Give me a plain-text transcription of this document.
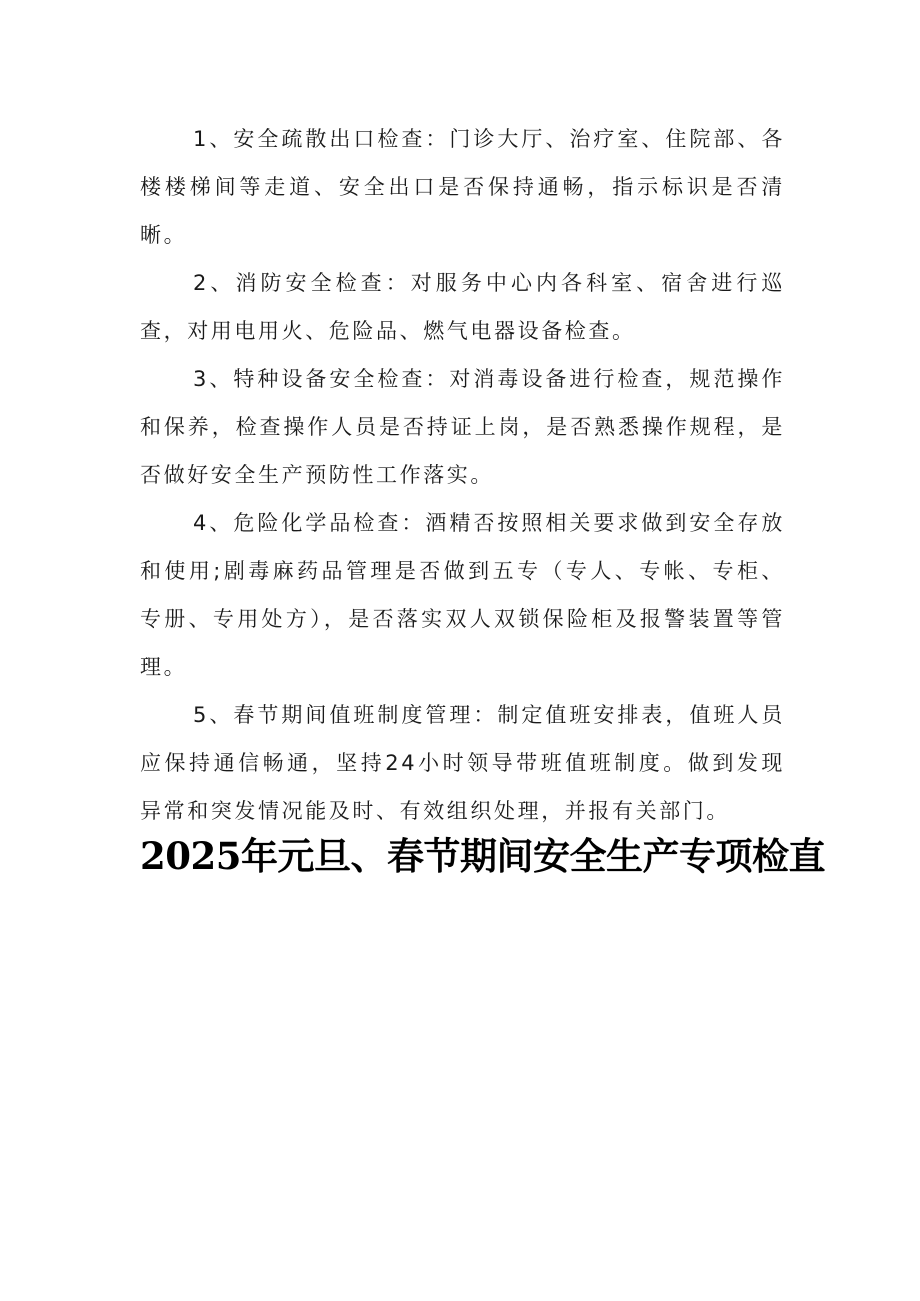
1、安全疏散出口检查：门诊大厅、治疗室、住院部、各楼楼梯间等走道、安全出口是否保持通畅，指示标识是否清晰。

2、消防安全检查：对服务中心内各科室、宿舍进行巡查，对用电用火、危险品、燃气电器设备检查。

3、特种设备安全检查：对消毒设备进行检查，规范操作和保养，检查操作人员是否持证上岗，是否熟悉操作规程，是否做好安全生产预防性工作落实。

4、危险化学品检查：酒精否按照相关要求做到安全存放和使用;剧毒麻药品管理是否做到五专（专人、专帐、专柜、专册、专用处方），是否落实双人双锁保险柜及报警装置等管理。

5、春节期间值班制度管理：制定值班安排表，值班人员应保持通信畅通，坚持24小时领导带班值班制度。做到发现异常和突发情况能及时、有效组织处理，并报有关部门。

2025年元旦、春节期间安全生产专项检直
